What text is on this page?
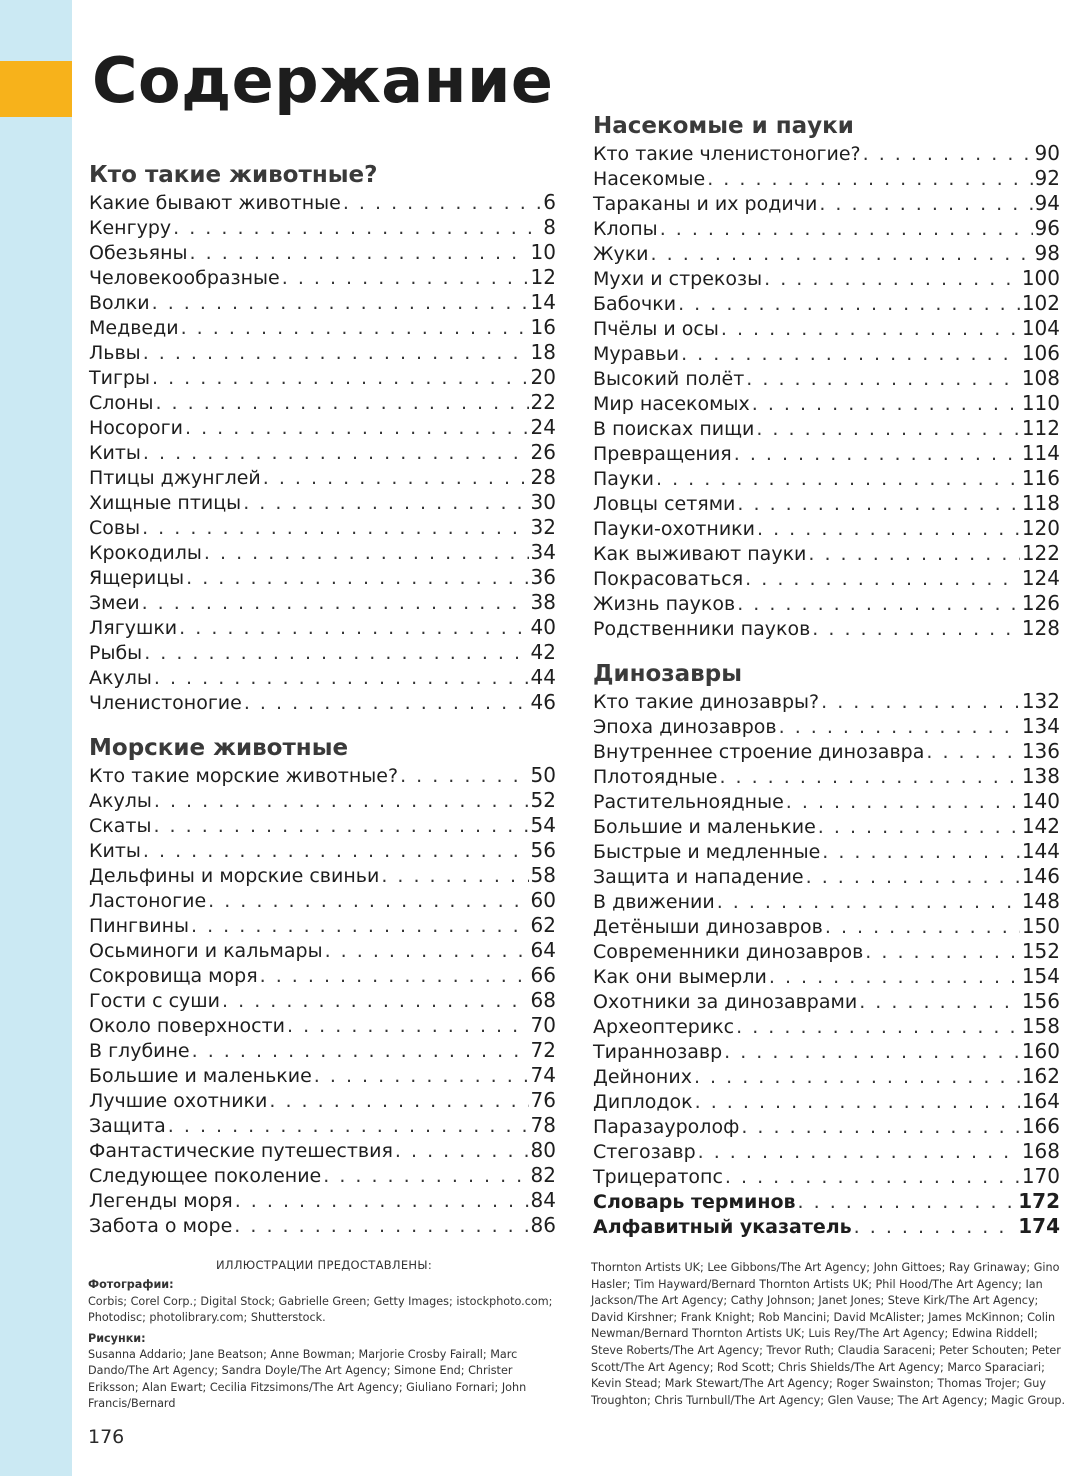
Содержание
Кто такие животные?
Какие бывают животные . . .	6
Кенгуру . . .	8
Обезьяны . . .	10
Человекообразные . . .	12
Волки . . .	14
Медведи . . .	16
Львы . . .	18
Тигры . . .	20
Слоны . . .	22
Носороги . . .	24
Киты . . .	26
Птицы джунглей . . .	28
Хищные птицы . . .	30
Совы . . .	32
Крокодилы . . .	34
Ящерицы . . .	36
Змеи . . .	38
Лягушки . . .	40
Рыбы . . .	42
Акулы . . .	44
Членистоногие . . .	46
Морские животные
Кто такие морские животные? . . .	50
Акулы . . .	52
Скаты . . .	54
Киты . . .	56
Дельфины и морские свиньи . . .	58
Ластоногие . . .	60
Пингвины . . .	62
Осьминоги и кальмары . . .	64
Сокровища моря . . .	66
Гости с суши . . .	68
Около поверхности . . .	70
В глубине . . .	72
Большие и маленькие . . .	74
Лучшие охотники . . .	76
Защита . . .	78
Фантастические путешествия . . .	80
Следующее поколение . . .	82
Легенды моря . . .	84
Забота о море . . .	86
Насекомые и пауки
Кто такие членистоногие? . . .	90
Насекомые . . .	92
Тараканы и их родичи . . .	94
Клопы . . .	96
Жуки . . .	98
Мухи и стрекозы . . .	100
Бабочки . . .	102
Пчёлы и осы . . .	104
Муравьи . . .	106
Высокий полёт . . .	108
Мир насекомых . . .	110
В поисках пищи . . .	112
Превращения . . .	114
Пауки . . .	116
Ловцы сетями . . .	118
Пауки-охотники . . .	120
Как выживают пауки . . .	122
Покрасоваться . . .	124
Жизнь пауков . . .	126
Родственники пауков . . .	128
Динозавры
Кто такие динозавры? . . .	132
Эпоха динозавров . . .	134
Внутреннее строение динозавра . . .	136
Плотоядные . . .	138
Растительноядные . . .	140
Большие и маленькие . . .	142
Быстрые и медленные . . .	144
Защита и нападение . . .	146
В движении . . .	148
Детёныши динозавров . . .	150
Современники динозавров . . .	152
Как они вымерли . . .	154
Охотники за динозаврами . . .	156
Археоптерикс . . .	158
Тираннозавр . . .	160
Дейноних . . .	162
Диплодок . . .	164
Паразауролоф . . .	166
Стегозавр . . .	168
Трицератопс . . .	170
Словарь терминов . . .	172
Алфавитный указатель . . .	174
ИЛЛЮСТРАЦИИ ПРЕДОСТАВЛЕНЫ:
Фотографии:
Corbis; Corel Corp.; Digital Stock; Gabrielle Green; Getty Images; istockphoto.com; Photodisc; photolibrary.com; Shutterstock.
Рисунки:
Susanna Addario; Jane Beatson; Anne Bowman; Marjorie Crosby Fairall; Marc Dando/The Art Agency; Sandra Doyle/The Art Agency; Simone End; Christer Eriksson; Alan Ewart; Cecilia Fitzsimons/The Art Agency; Giuliano Fornari; John Francis/Bernard
Thornton Artists UK; Lee Gibbons/The Art Agency; John Gittoes; Ray Grinaway; Gino Hasler; Tim Hayward/Bernard Thornton Artists UK; Phil Hood/The Art Agency; Ian Jackson/The Art Agency; Cathy Johnson; Janet Jones; Steve Kirk/The Art Agency; David Kirshner; Frank Knight; Rob Mancini; David McAlister; James McKinnon; Colin Newman/Bernard Thornton Artists UK; Luis Rey/The Art Agency; Edwina Riddell; Steve Roberts/The Art Agency; Trevor Ruth; Claudia Saraceni; Peter Schouten; Peter Scott/The Art Agency; Rod Scott; Chris Shields/The Art Agency; Marco Sparaciari; Kevin Stead; Mark Stewart/The Art Agency; Roger Swainston; Thomas Trojer; Guy Troughton; Chris Turnbull/The Art Agency; Glen Vause; The Art Agency; Magic Group.
176
